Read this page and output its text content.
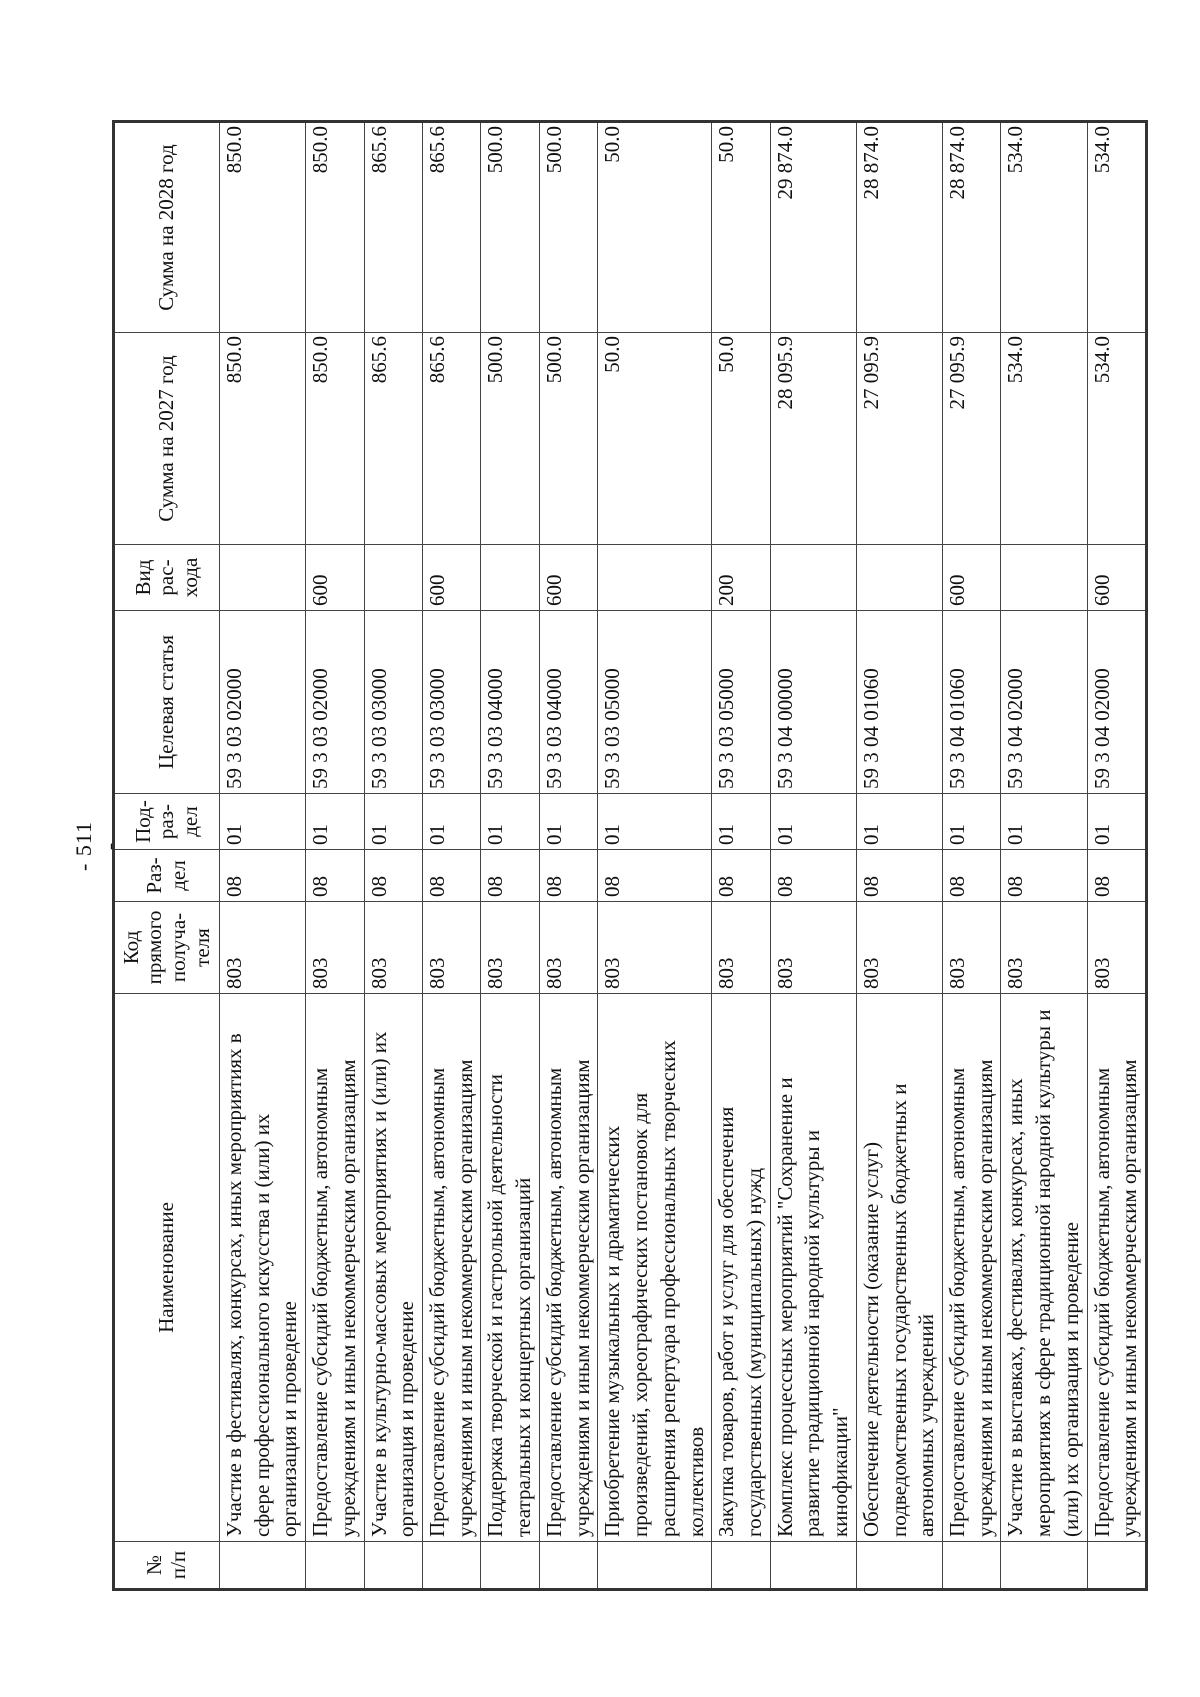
- 511 -
№ п/п	Наименование	Код прямого получа-теля	Раз-дел	Под-раз-дел	Целевая статья	Вид рас-хода	Сумма на 2027 год	Сумма на 2028 год
	Участие в фестивалях, конкурсах, иных мероприятиях в сфере профессионального искусства и (или) их организация и проведение	803	08	01	59 3 03 02000		850.0	850.0
	Предоставление субсидий бюджетным, автономным учреждениям и иным некоммерческим организациям	803	08	01	59 3 03 02000	600	850.0	850.0
	Участие в культурно-массовых мероприятиях и (или) их организация и проведение	803	08	01	59 3 03 03000		865.6	865.6
	Предоставление субсидий бюджетным, автономным учреждениям и иным некоммерческим организациям	803	08	01	59 3 03 03000	600	865.6	865.6
	Поддержка творческой и гастрольной деятельности театральных и концертных организаций	803	08	01	59 3 03 04000		500.0	500.0
	Предоставление субсидий бюджетным, автономным учреждениям и иным некоммерческим организациям	803	08	01	59 3 03 04000	600	500.0	500.0
	Приобретение музыкальных и драматических произведений, хореографических постановок для расширения репертуара профессиональных творческих коллективов	803	08	01	59 3 03 05000		50.0	50.0
	Закупка товаров, работ и услуг для обеспечения государственных (муниципальных) нужд	803	08	01	59 3 03 05000	200	50.0	50.0
	Комплекс процессных мероприятий "Сохранение и развитие традиционной народной культуры и кинофикации"	803	08	01	59 3 04 00000		28 095.9	29 874.0
	Обеспечение деятельности (оказание услуг) подведомственных государственных бюджетных и автономных учреждений	803	08	01	59 3 04 01060		27 095.9	28 874.0
	Предоставление субсидий бюджетным, автономным учреждениям и иным некоммерческим организациям	803	08	01	59 3 04 01060	600	27 095.9	28 874.0
	Участие в выставках, фестивалях, конкурсах, иных мероприятиях в сфере традиционной народной культуры и (или) их организация и проведение	803	08	01	59 3 04 02000		534.0	534.0
	Предоставление субсидий бюджетным, автономным учреждениям и иным некоммерческим организациям	803	08	01	59 3 04 02000	600	534.0	534.0
